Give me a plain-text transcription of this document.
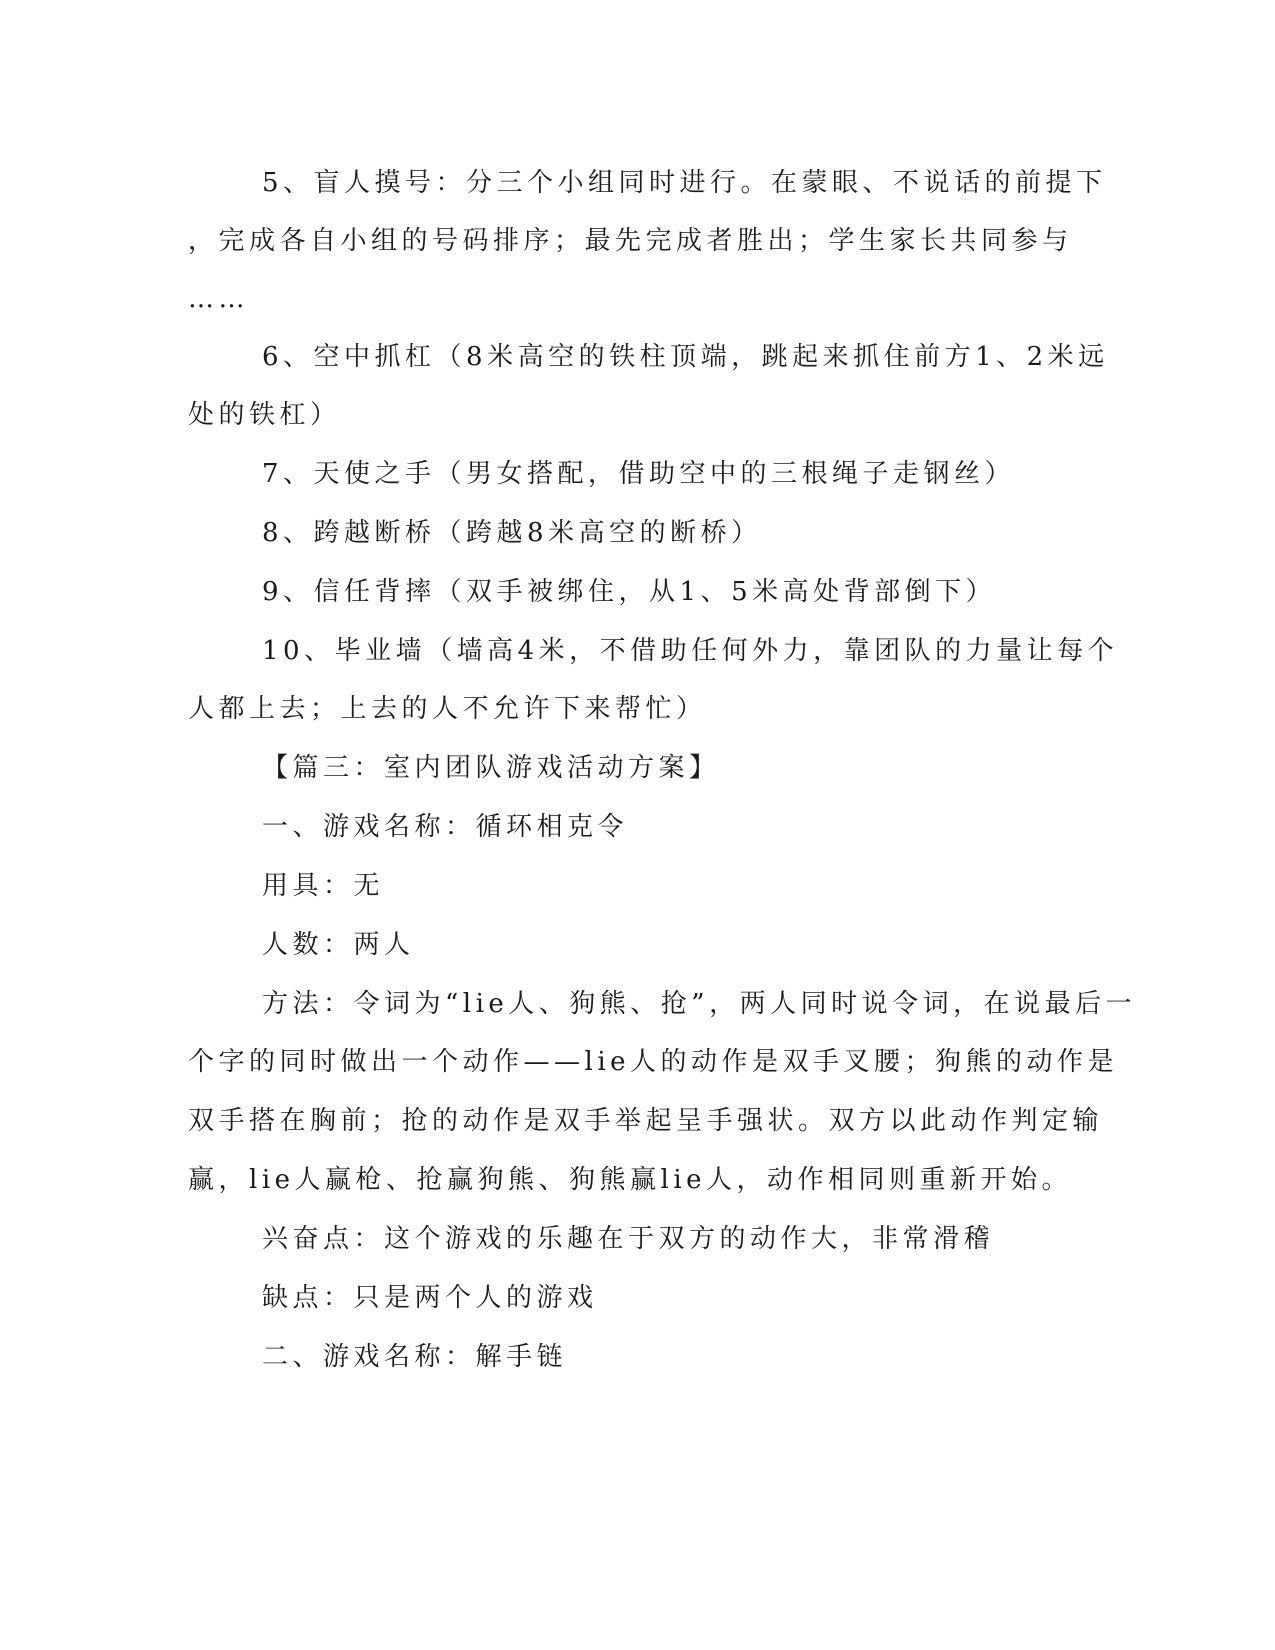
5、盲人摸号：分三个小组同时进行。在蒙眼、不说话的前提下
，完成各自小组的号码排序；最先完成者胜出；学生家长共同参与
……
6、空中抓杠（8米高空的铁柱顶端，跳起来抓住前方1、2米远
处的铁杠）
7、天使之手（男女搭配，借助空中的三根绳子走钢丝）
8、跨越断桥（跨越8米高空的断桥）
9、信任背摔（双手被绑住，从1、5米高处背部倒下）
10、毕业墙（墙高4米，不借助任何外力，靠团队的力量让每个
人都上去；上去的人不允许下来帮忙）
【篇三：室内团队游戏活动方案】
一、游戏名称：循环相克令
用具：无
人数：两人
方法：令词为“lie人、狗熊、抢”，两人同时说令词，在说最后一
个字的同时做出一个动作——lie人的动作是双手叉腰；狗熊的动作是
双手搭在胸前；抢的动作是双手举起呈手强状。双方以此动作判定输
赢，lie人赢枪、抢赢狗熊、狗熊赢lie人，动作相同则重新开始。
兴奋点：这个游戏的乐趣在于双方的动作大，非常滑稽
缺点：只是两个人的游戏
二、游戏名称：解手链
